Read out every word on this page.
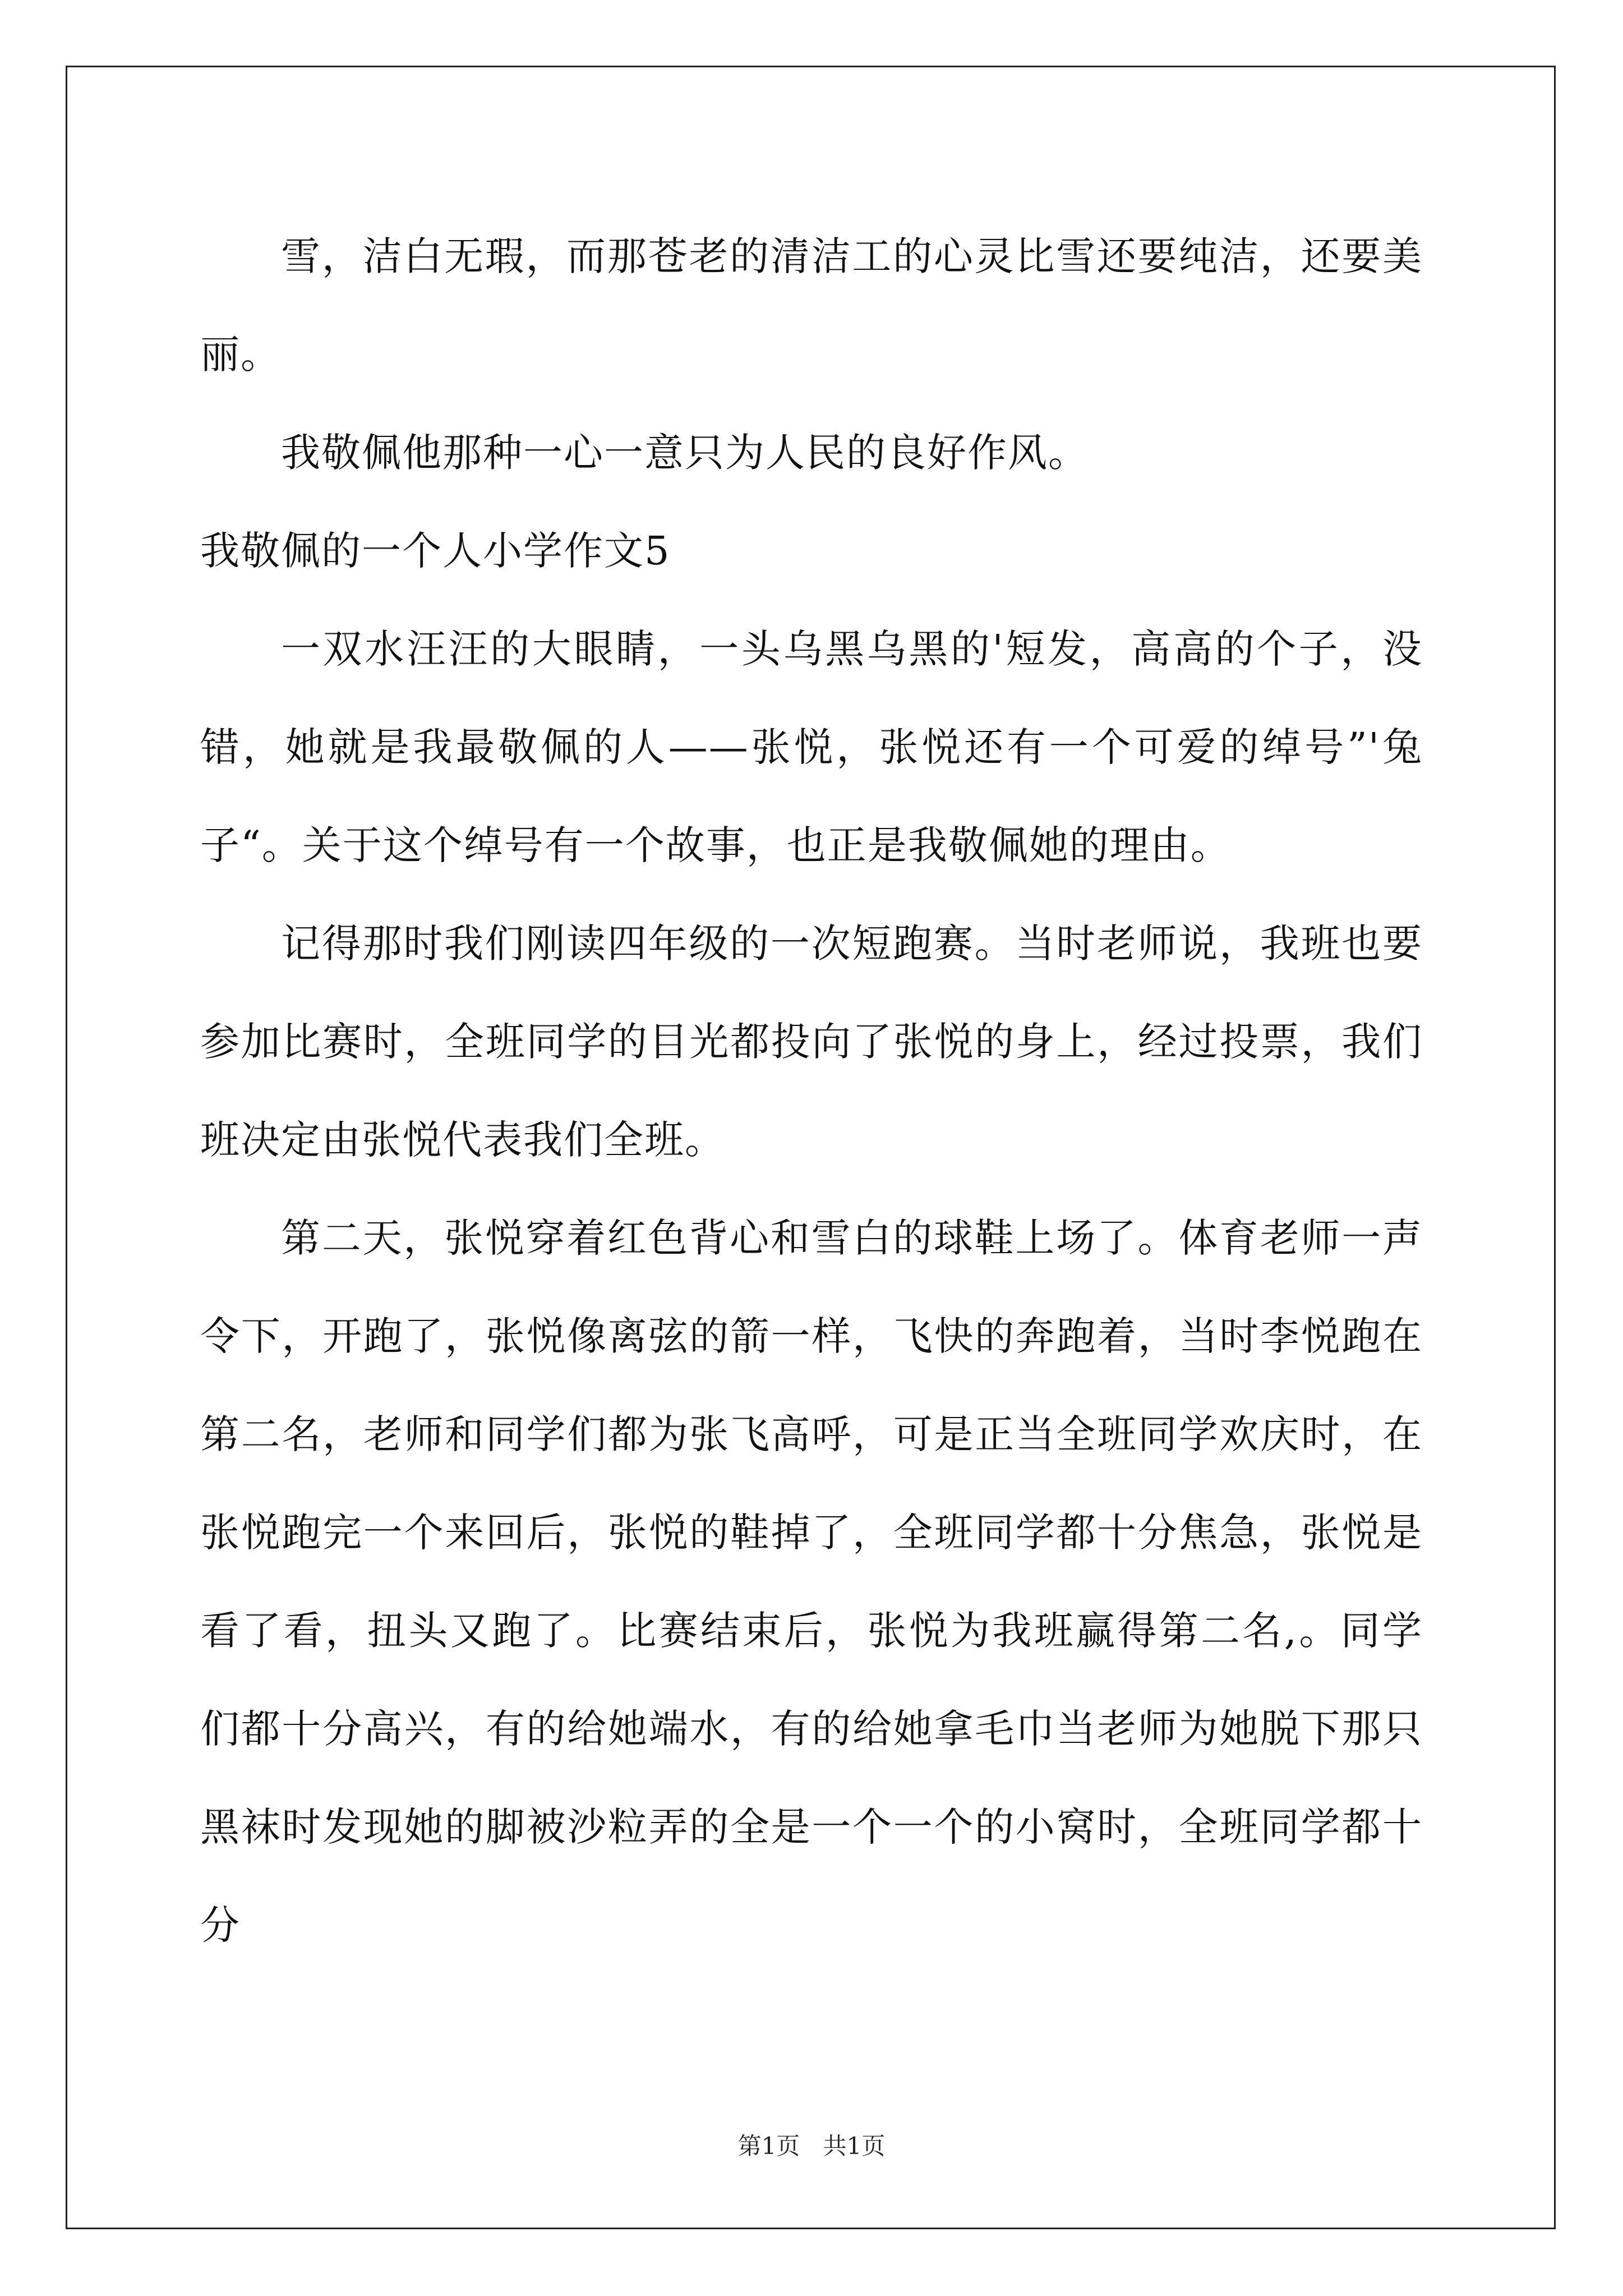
雪，洁白无瑕，而那苍老的清洁工的心灵比雪还要纯洁，还要美丽。

我敬佩他那种一心一意只为人民的良好作风。

我敬佩的一个人小学作文5

一双水汪汪的大眼睛，一头乌黑乌黑的'短发，高高的个子，没错，她就是我最敬佩的人——张悦，张悦还有一个可爱的绰号”'兔子“。关于这个绰号有一个故事，也正是我敬佩她的理由。

记得那时我们刚读四年级的一次短跑赛。当时老师说，我班也要参加比赛时，全班同学的目光都投向了张悦的身上，经过投票，我们班决定由张悦代表我们全班。

第二天，张悦穿着红色背心和雪白的球鞋上场了。体育老师一声令下，开跑了，张悦像离弦的箭一样，飞快的奔跑着，当时李悦跑在第二名，老师和同学们都为张飞高呼，可是正当全班同学欢庆时，在张悦跑完一个来回后，张悦的鞋掉了，全班同学都十分焦急，张悦是看了看，扭头又跑了。比赛结束后，张悦为我班赢得第二名,。同学们都十分高兴，有的给她端水，有的给她拿毛巾当老师为她脱下那只黑袜时发现她的脚被沙粒弄的全是一个一个的小窝时，全班同学都十分

第1页 共1页
